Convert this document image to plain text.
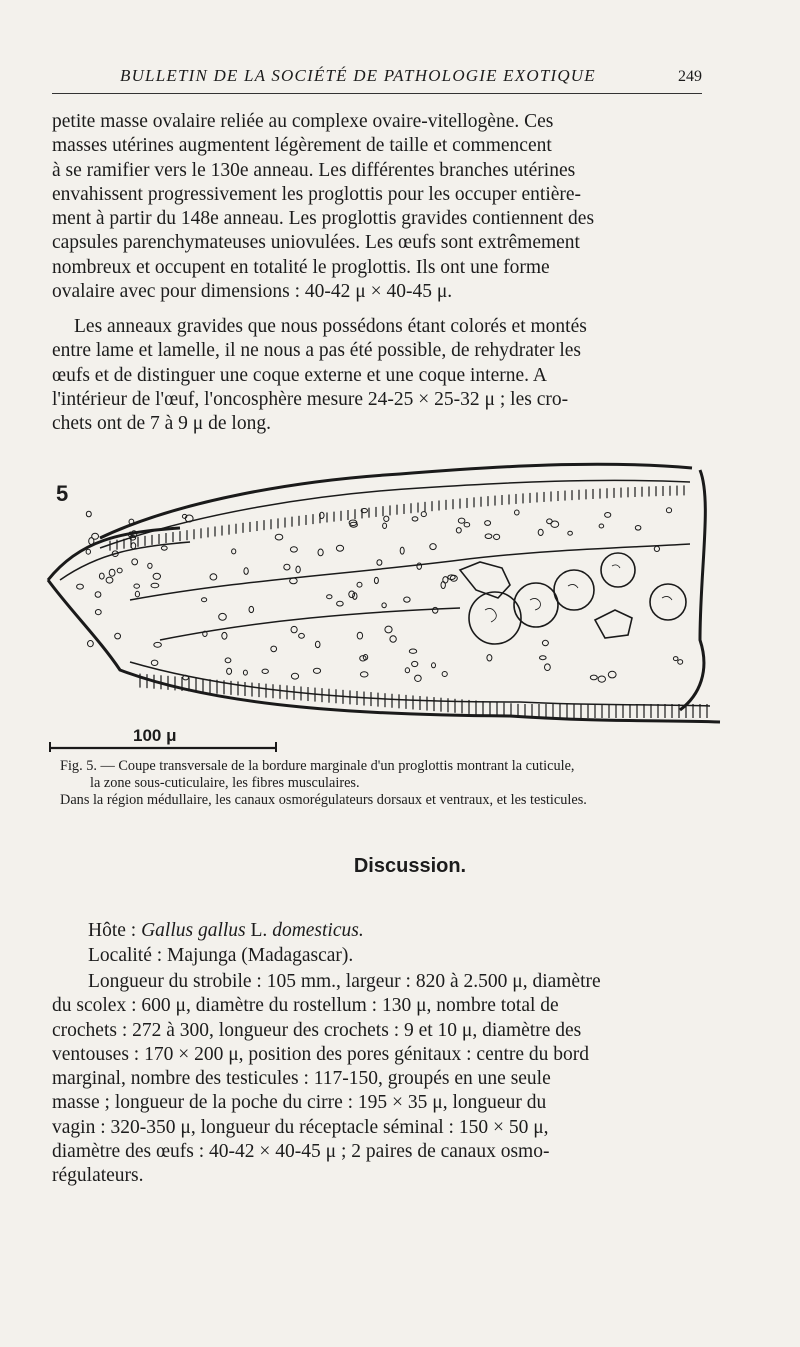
BULLETIN DE LA SOCIÉTÉ DE PATHOLOGIE EXOTIQUE	249
petite masse ovalaire reliée au complexe ovaire-vitellogène. Ces
masses utérines augmentent légèrement de taille et commencent
à se ramifier vers le 130e anneau. Les différentes branches utérines
envahissent progressivement les proglottis pour les occuper entière-
ment à partir du 148e anneau. Les proglottis gravides contiennent des
capsules parenchymateuses uniovulées. Les œufs sont extrêmement
nombreux et occupent en totalité le proglottis. Ils ont une forme
ovalaire avec pour dimensions : 40-42 μ × 40-45 μ.
Les anneaux gravides que nous possédons étant colorés et montés
entre lame et lamelle, il ne nous a pas été possible, de rehydrater les
œufs et de distinguer une coque externe et une coque interne. A
l'intérieur de l'œuf, l'oncosphère mesure 24-25 × 25-32 μ ; les cro-
chets ont de 7 à 9 μ de long.
5
100 μ
Fig. 5. — Coupe transversale de la bordure marginale d'un proglottis montrant la cuticule,
la zone sous-cuticulaire, les fibres musculaires.
Dans la région médullaire, les canaux osmorégulateurs dorsaux et ventraux, et les testicules.
Discussion.
Hôte : Gallus gallus L. domesticus.
Localité : Majunga (Madagascar).
Longueur du strobile : 105 mm., largeur : 820 à 2.500 μ, diamètre
du scolex : 600 μ, diamètre du rostellum : 130 μ, nombre total de
crochets : 272 à 300, longueur des crochets : 9 et 10 μ, diamètre des
ventouses : 170 × 200 μ, position des pores génitaux : centre du bord
marginal, nombre des testicules : 117-150, groupés en une seule
masse ; longueur de la poche du cirre : 195 × 35 μ, longueur du
vagin : 320-350 μ, longueur du réceptacle séminal : 150 × 50 μ,
diamètre des œufs : 40-42 × 40-45 μ ; 2 paires de canaux osmo-
régulateurs.
